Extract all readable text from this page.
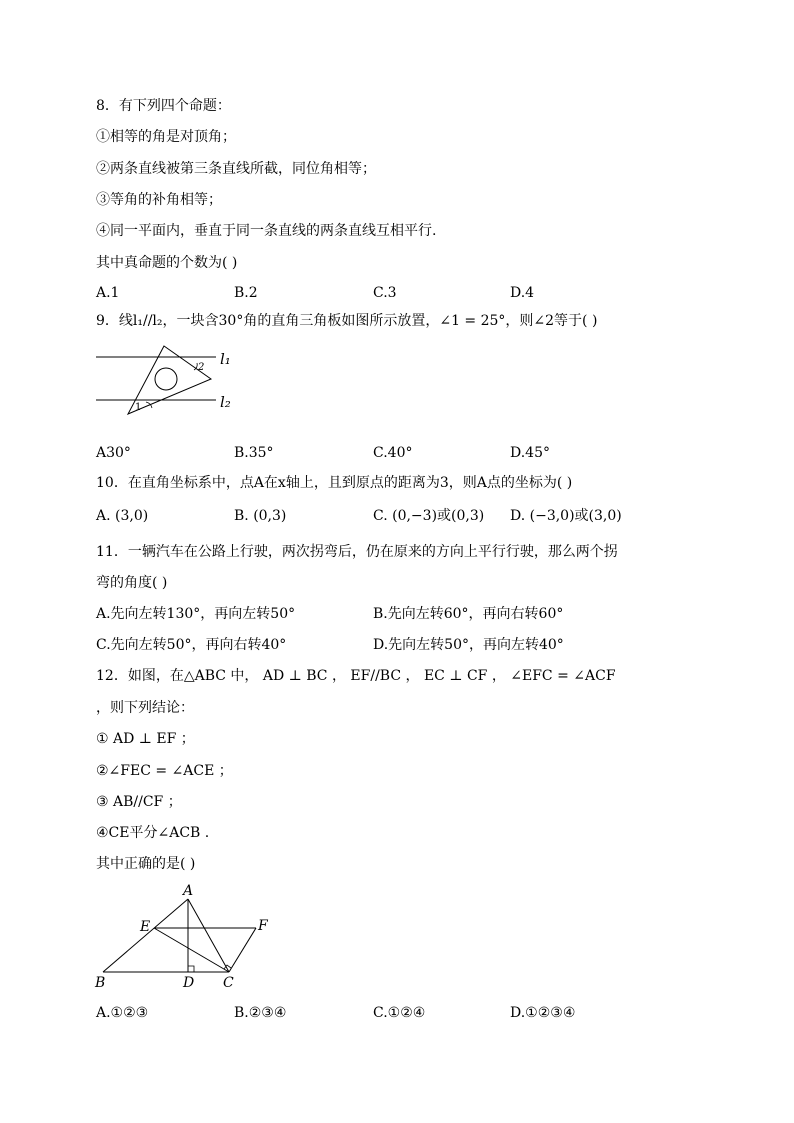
8．有下列四个命题：
①相等的角是对顶角；
②两条直线被第三条直线所截，同位角相等；
③等角的补角相等；
④同一平面内，垂直于同一条直线的两条直线互相平行.
其中真命题的个数为( )
A.1	B.2	C.3	D.4
9．线l₁//l₂，一块含30°角的直角三角板如图所示放置，∠1 = 25°，则∠2等于( )
l₁
l₂
2
1
A30°	B.35°	C.40°	D.45°
10．在直角坐标系中，点A在x轴上，且到原点的距离为3，则A点的坐标为( )
A. (3,0)	B. (0,3)	C. (0,−3)或(0,3) D. (−3,0)或(3,0)
11．一辆汽车在公路上行驶，两次拐弯后，仍在原来的方向上平行行驶，那么两个拐
弯的角度( )
A.先向左转130°，再向左转50°	B.先向左转60°，再向右转60°
C.先向左转50°，再向右转40°	D.先向左转50°，再向左转40°
12．如图，在△ABC 中， AD ⊥ BC ， EF//BC ， EC ⊥ CF ， ∠EFC = ∠ACF
，则下列结论：
① AD ⊥ EF ；
②∠FEC = ∠ACE ；
③ AB//CF ；
④CE平分∠ACB .
其中正确的是( )
A
E	F
B	D C
A.①②③	B.②③④	C.①②④	D.①②③④
